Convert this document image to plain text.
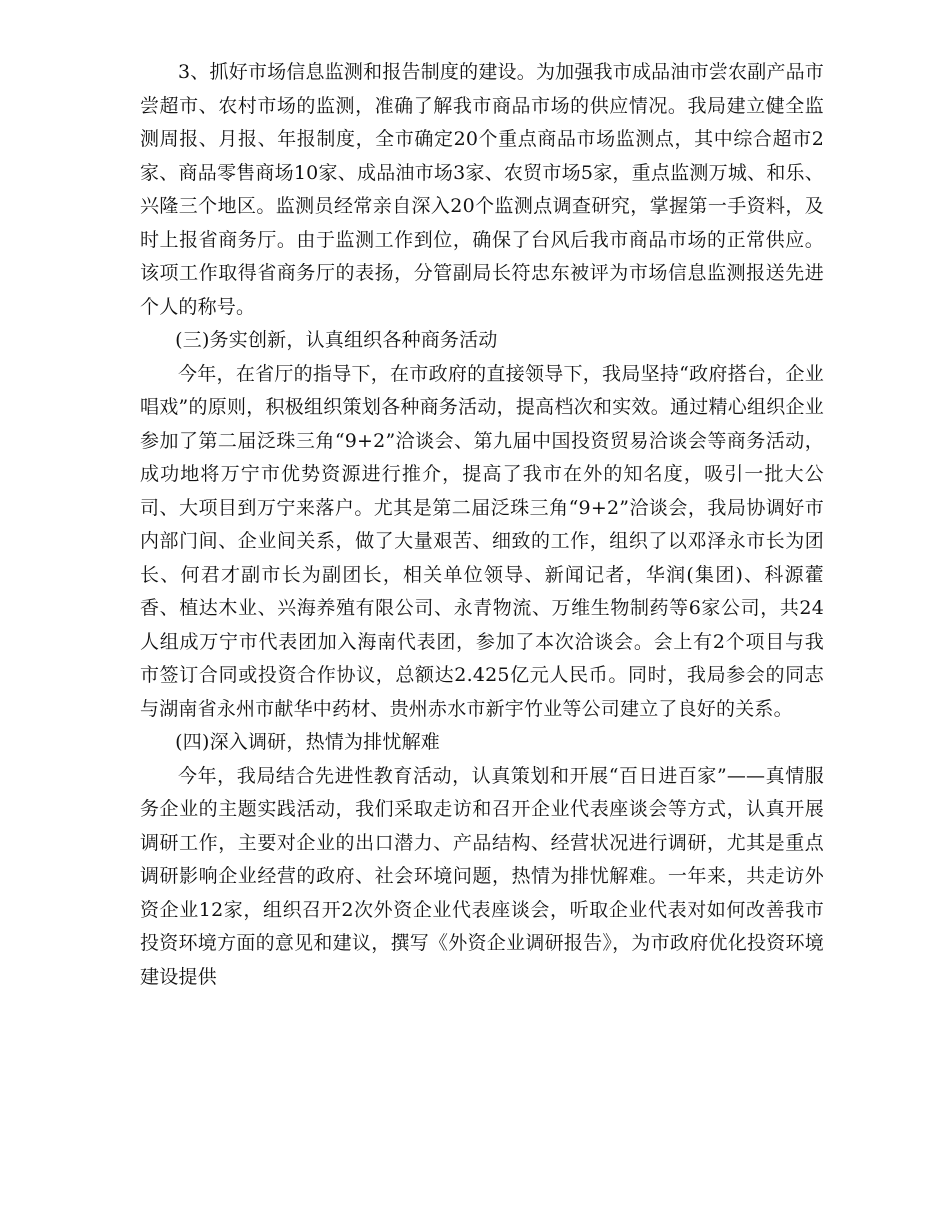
3、抓好市场信息监测和报告制度的建设。为加强我市成品油市尝农副产品市尝超市、农村市场的监测，准确了解我市商品市场的供应情况。我局建立健全监测周报、月报、年报制度，全市确定20个重点商品市场监测点，其中综合超市2家、商品零售商场10家、成品油市场3家、农贸市场5家，重点监测万城、和乐、兴隆三个地区。监测员经常亲自深入20个监测点调查研究，掌握第一手资料，及时上报省商务厅。由于监测工作到位，确保了台风后我市商品市场的正常供应。该项工作取得省商务厅的表扬，分管副局长符忠东被评为市场信息监测报送先进个人的称号。

(三)务实创新，认真组织各种商务活动

今年，在省厅的指导下，在市政府的直接领导下，我局坚持“政府搭台，企业唱戏”的原则，积极组织策划各种商务活动，提高档次和实效。通过精心组织企业参加了第二届泛珠三角“9+2”洽谈会、第九届中国投资贸易洽谈会等商务活动，成功地将万宁市优势资源进行推介，提高了我市在外的知名度，吸引一批大公司、大项目到万宁来落户。尤其是第二届泛珠三角“9+2”洽谈会，我局协调好市内部门间、企业间关系，做了大量艰苦、细致的工作，组织了以邓泽永市长为团长、何君才副市长为副团长，相关单位领导、新闻记者，华润(集团)、科源藿香、植达木业、兴海养殖有限公司、永青物流、万维生物制药等6家公司，共24人组成万宁市代表团加入海南代表团，参加了本次洽谈会。会上有2个项目与我市签订合同或投资合作协议，总额达2.425亿元人民币。同时，我局参会的同志与湖南省永州市献华中药材、贵州赤水市新宇竹业等公司建立了良好的关系。

(四)深入调研，热情为排忧解难

今年，我局结合先进性教育活动，认真策划和开展“百日进百家”——真情服务企业的主题实践活动，我们采取走访和召开企业代表座谈会等方式，认真开展调研工作，主要对企业的出口潜力、产品结构、经营状况进行调研，尤其是重点调研影响企业经营的政府、社会环境问题，热情为排忧解难。一年来，共走访外资企业12家，组织召开2次外资企业代表座谈会，听取企业代表对如何改善我市投资环境方面的意见和建议，撰写《外资企业调研报告》，为市政府优化投资环境建设提供
